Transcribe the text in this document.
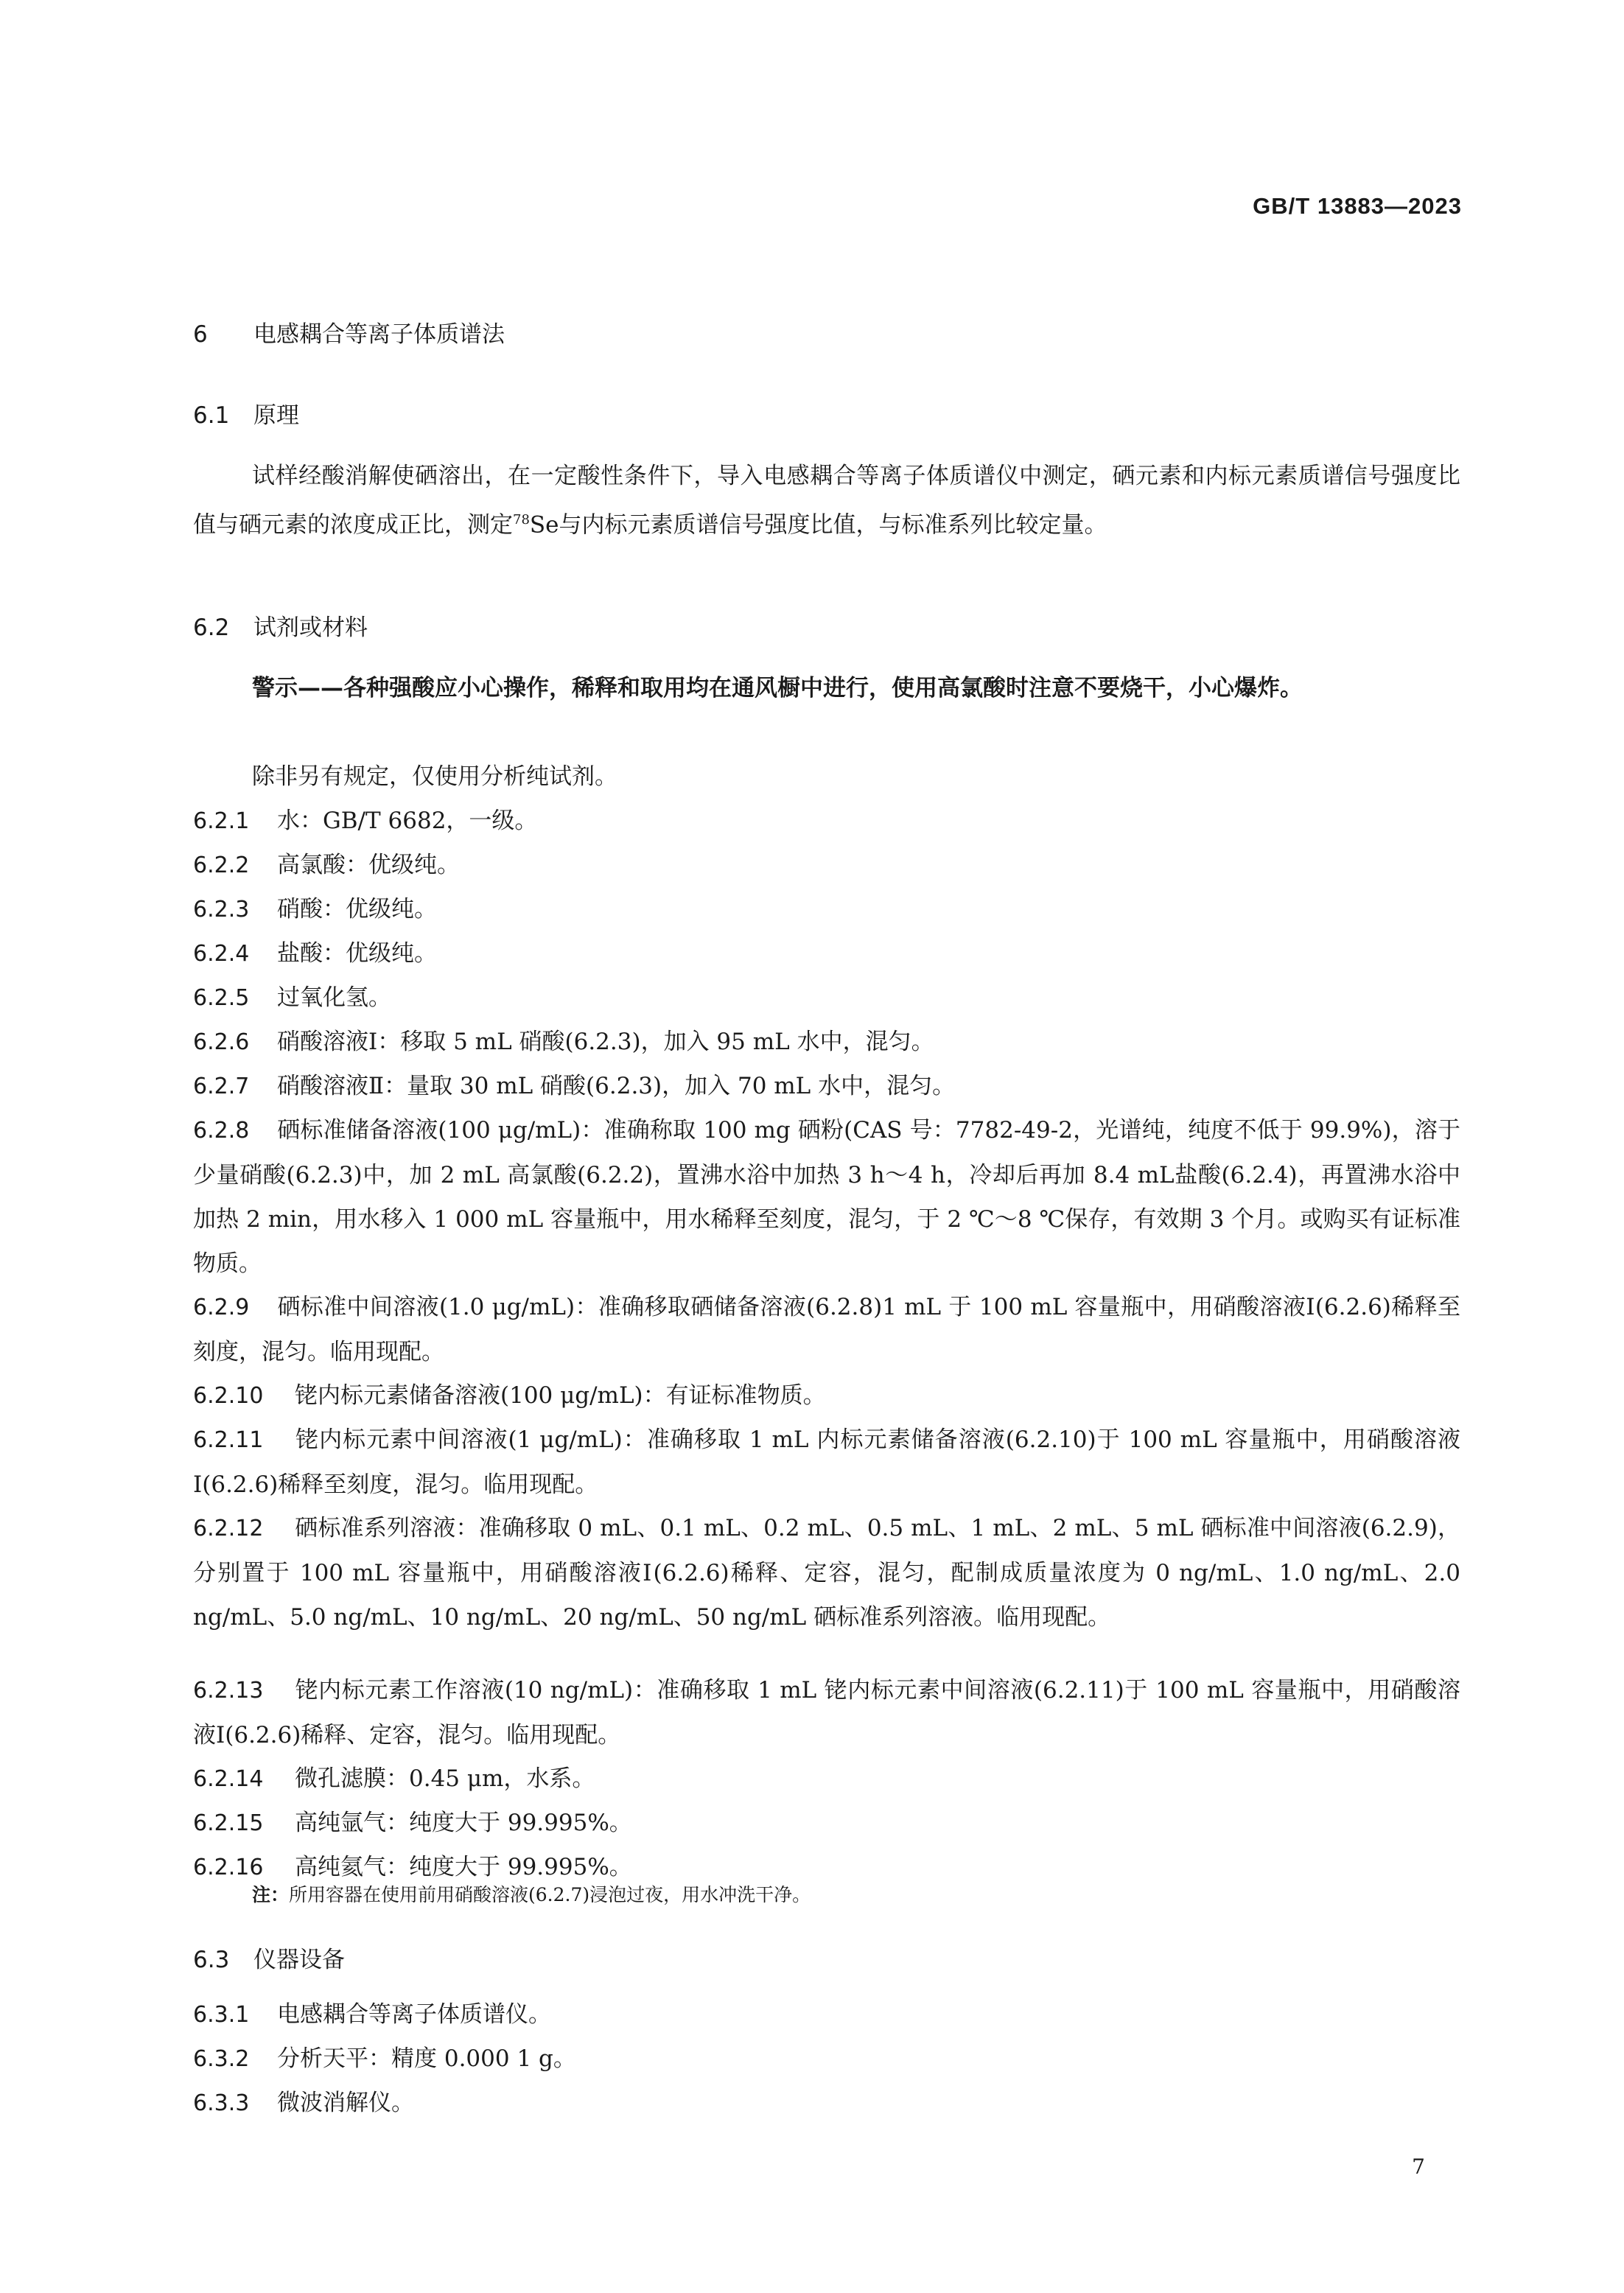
GB/T 13883—2023
6 电感耦合等离子体质谱法
6.1 原理
试样经酸消解使硒溶出，在一定酸性条件下，导入电感耦合等离子体质谱仪中测定，硒元素和内标元素质谱信号强度比值与硒元素的浓度成正比，测定$^{78}$Se与内标元素质谱信号强度比值，与标准系列比较定量。
6.2 试剂或材料
警示——各种强酸应小心操作，稀释和取用均在通风橱中进行，使用高氯酸时注意不要烧干，小心爆炸。
除非另有规定，仅使用分析纯试剂。
6.2.1 水：GB/T 6682，一级。
6.2.2 高氯酸：优级纯。
6.2.3 硝酸：优级纯。
6.2.4 盐酸：优级纯。
6.2.5 过氧化氢。
6.2.6 硝酸溶液Ⅰ：移取 5 mL 硝酸(6.2.3)，加入 95 mL 水中，混匀。
6.2.7 硝酸溶液Ⅱ：量取 30 mL 硝酸(6.2.3)，加入 70 mL 水中，混匀。
6.2.8 硒标准储备溶液(100 μg/mL)：准确称取 100 mg 硒粉(CAS 号：7782-49-2，光谱纯，纯度不低于 99.9%)，溶于少量硝酸(6.2.3)中，加 2 mL 高氯酸(6.2.2)，置沸水浴中加热 3 h～4 h，冷却后再加 8.4 mL盐酸(6.2.4)，再置沸水浴中加热 2 min，用水移入 1 000 mL 容量瓶中，用水稀释至刻度，混匀，于 2 ℃～8 ℃保存，有效期 3 个月。或购买有证标准物质。
6.2.9 硒标准中间溶液(1.0 μg/mL)：准确移取硒储备溶液(6.2.8)1 mL 于 100 mL 容量瓶中，用硝酸溶液Ⅰ(6.2.6)稀释至刻度，混匀。临用现配。
6.2.10 铑内标元素储备溶液(100 μg/mL)：有证标准物质。
6.2.11 铑内标元素中间溶液(1 μg/mL)：准确移取 1 mL 内标元素储备溶液(6.2.10)于 100 mL 容量瓶中，用硝酸溶液Ⅰ(6.2.6)稀释至刻度，混匀。临用现配。
6.2.12 硒标准系列溶液：准确移取 0 mL、0.1 mL、0.2 mL、0.5 mL、1 mL、2 mL、5 mL 硒标准中间溶液(6.2.9)，分别置于 100 mL 容量瓶中，用硝酸溶液Ⅰ(6.2.6)稀释、定容，混匀，配制成质量浓度为 0 ng/mL、1.0 ng/mL、2.0 ng/mL、5.0 ng/mL、10 ng/mL、20 ng/mL、50 ng/mL 硒标准系列溶液。临用现配。
6.2.13 铑内标元素工作溶液(10 ng/mL)：准确移取 1 mL 铑内标元素中间溶液(6.2.11)于 100 mL 容量瓶中，用硝酸溶液Ⅰ(6.2.6)稀释、定容，混匀。临用现配。
6.2.14 微孔滤膜：0.45 μm，水系。
6.2.15 高纯氩气：纯度大于 99.995%。
6.2.16 高纯氦气：纯度大于 99.995%。
注：所用容器在使用前用硝酸溶液(6.2.7)浸泡过夜，用水冲洗干净。
6.3 仪器设备
6.3.1 电感耦合等离子体质谱仪。
6.3.2 分析天平：精度 0.000 1 g。
6.3.3 微波消解仪。
7
